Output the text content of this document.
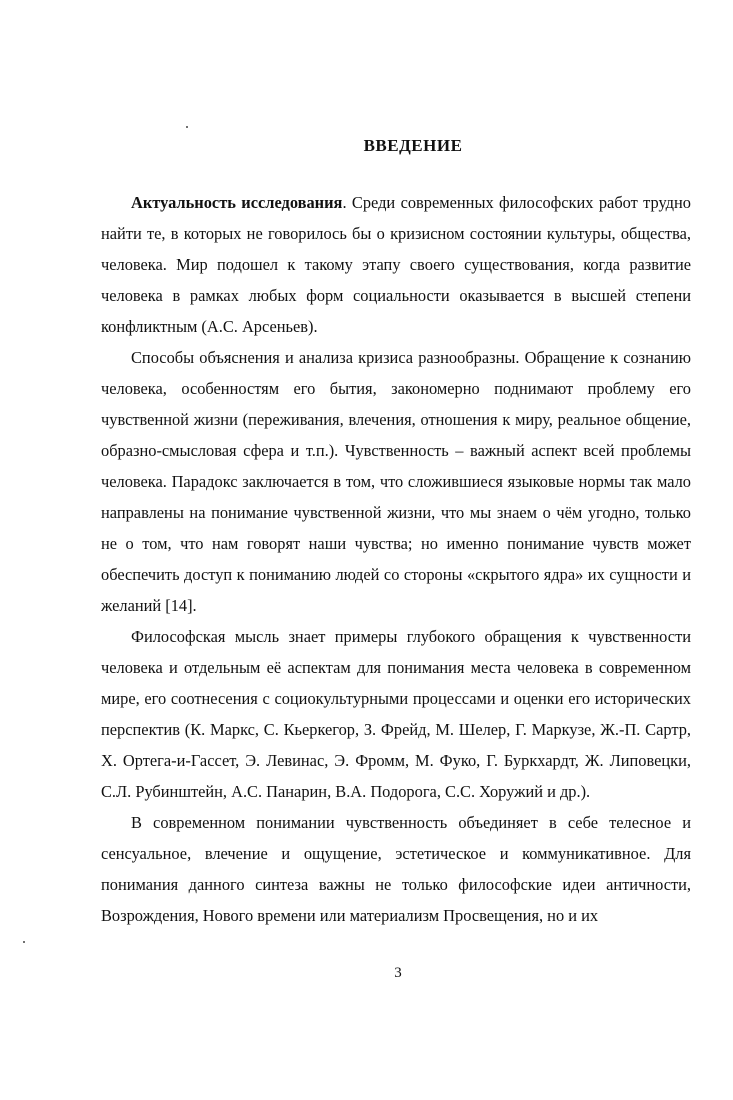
ВВЕДЕНИЕ

Актуальность исследования. Среди современных философских работ трудно найти те, в которых не говорилось бы о кризисном состоянии культуры, общества, человека. Мир подошел к такому этапу своего существования, когда развитие человека в рамках любых форм социальности оказывается в высшей степени конфликтным (А.С. Арсеньев).

Способы объяснения и анализа кризиса разнообразны. Обращение к сознанию человека, особенностям его бытия, закономерно поднимают проблему его чувственной жизни (переживания, влечения, отношения к миру, реальное общение, образно-смысловая сфера и т.п.). Чувственность – важный аспект всей проблемы человека. Парадокс заключается в том, что сложившиеся языковые нормы так мало направлены на понимание чувственной жизни, что мы знаем о чём угодно, только не о том, что нам говорят наши чувства; но именно понимание чувств может обеспечить доступ к пониманию людей со стороны «скрытого ядра» их сущности и желаний [14].

Философская мысль знает примеры глубокого обращения к чувственности человека и отдельным её аспектам для понимания места человека в современном мире, его соотнесения с социокультурными процессами и оценки его исторических перспектив (К. Маркс, С. Кьеркегор, З. Фрейд, М. Шелер, Г. Маркузе, Ж.-П. Сартр, Х. Ортега-и-Гассет, Э. Левинас, Э. Фромм, М. Фуко, Г. Буркхардт, Ж. Липовецки, С.Л. Рубинштейн, А.С. Панарин, В.А. Подорога, С.С. Хоружий и др.).

В современном понимании чувственность объединяет в себе телесное и сенсуальное, влечение и ощущение, эстетическое и коммуникативное. Для понимания данного синтеза важны не только философские идеи античности, Возрождения, Нового времени или материализм Просвещения, но и их

3
